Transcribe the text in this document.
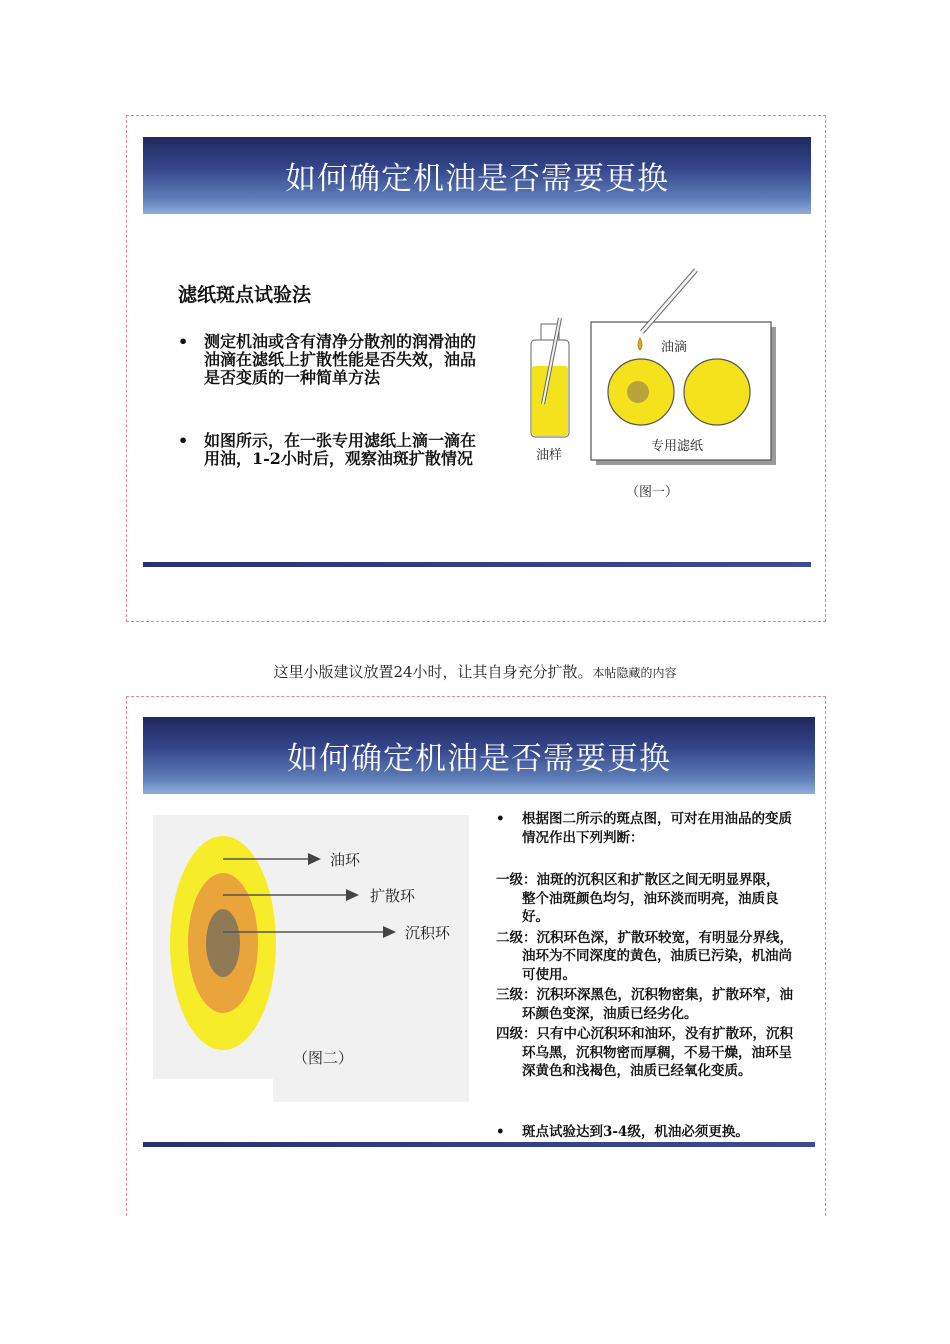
如何确定机油是否需要更换
滤纸斑点试验法
• 测定机油或含有清净分散剂的润滑油的油滴在滤纸上扩散性能是否失效，油品是否变质的一种简单方法
• 如图所示，在一张专用滤纸上滴一滴在用油，1-2小时后，观察油斑扩散情况
油滴
油样
专用滤纸
（图一）
这里小版建议放置24小时，让其自身充分扩散。本帖隐藏的内容
如何确定机油是否需要更换
油环
扩散环
沉积环
（图二）
• 根据图二所示的斑点图，可对在用油品的变质情况作出下列判断：
一级：油斑的沉积区和扩散区之间无明显界限， 整个油斑颜色均匀，油环淡而明亮，油质良好。
二级：沉积环色深，扩散环较宽，有明显分界线，油环为不同深度的黄色，油质已污染，机油尚可使用。
三级：沉积环深黑色，沉积物密集，扩散环窄，油环颜色变深，油质已经劣化。
四级：只有中心沉积环和油环，没有扩散环，沉积环乌黑，沉积物密而厚稠，不易干燥，油环呈深黄色和浅褐色，油质已经氧化变质。
• 斑点试验达到3-4级，机油必须更换。
